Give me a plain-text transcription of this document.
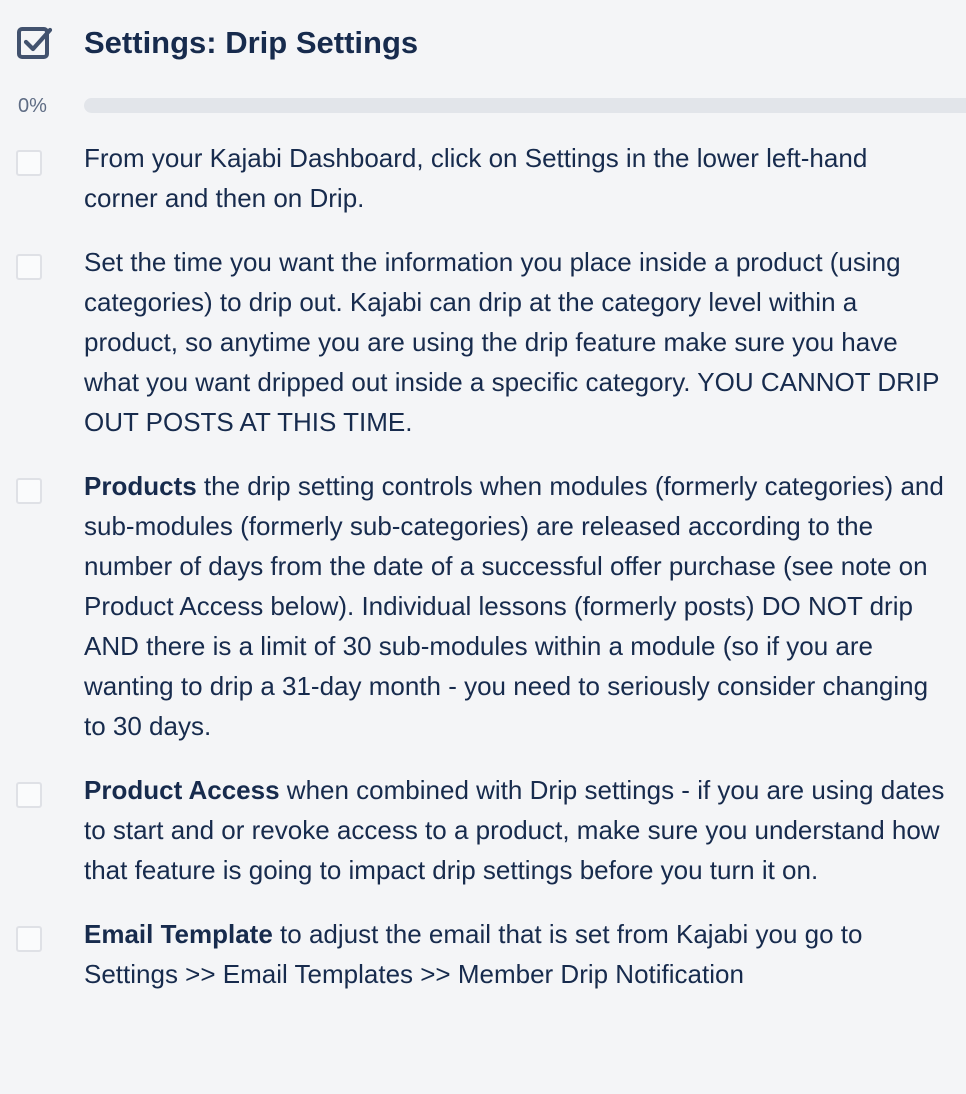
Settings: Drip Settings
0%
From your Kajabi Dashboard, click on Settings in the lower left-hand corner and then on Drip.
Set the time you want the information you place inside a product (using categories) to drip out. Kajabi can drip at the category level within a product, so anytime you are using the drip feature make sure you have what you want dripped out inside a specific category. YOU CANNOT DRIP OUT POSTS AT THIS TIME.
Products the drip setting controls when modules (formerly categories) and sub-modules (formerly sub-categories) are released according to the number of days from the date of a successful offer purchase (see note on Product Access below). Individual lessons (formerly posts) DO NOT drip AND there is a limit of 30 sub-modules within a module (so if you are wanting to drip a 31-day month - you need to seriously consider changing to 30 days.
Product Access when combined with Drip settings - if you are using dates to start and or revoke access to a product, make sure you understand how that feature is going to impact drip settings before you turn it on.
Email Template to adjust the email that is set from Kajabi you go to Settings >> Email Templates >> Member Drip Notification
